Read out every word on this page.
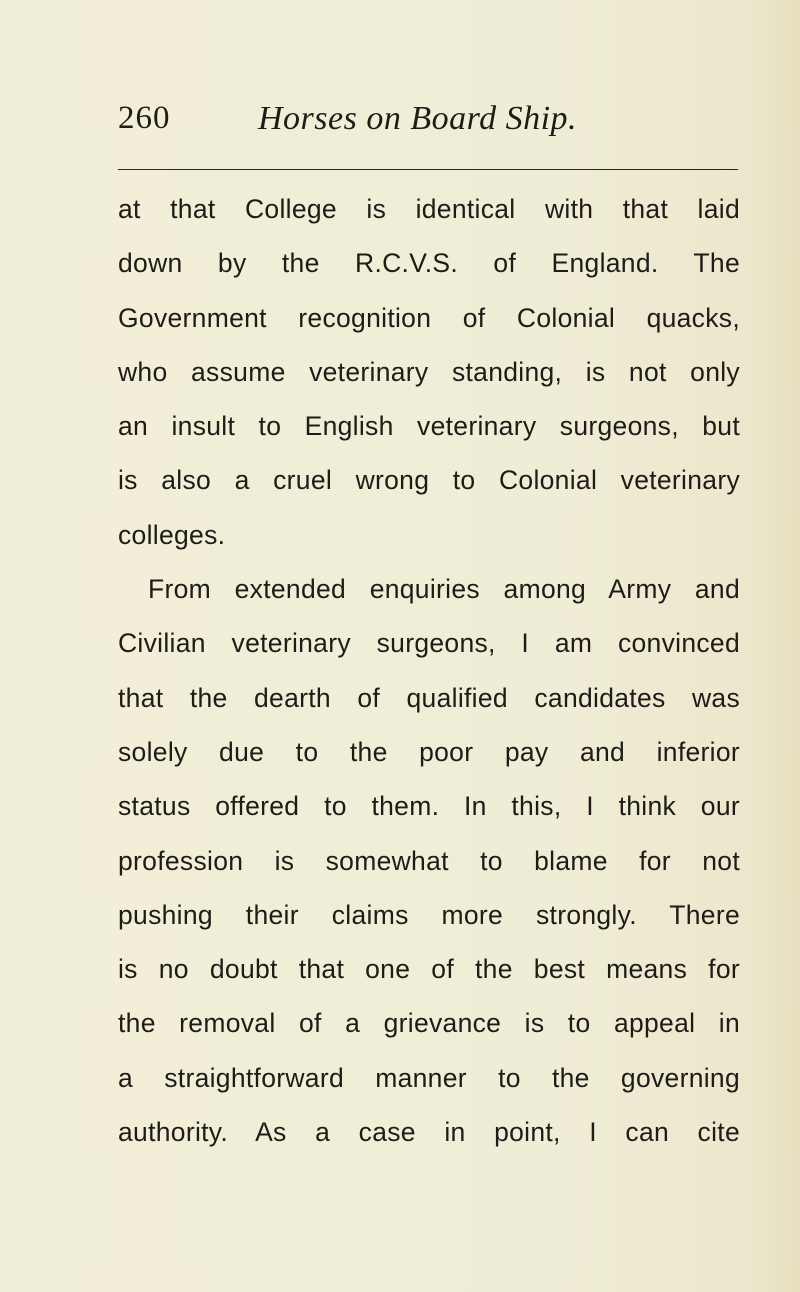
260	Horses on Board Ship.
at that College is identical with that laid
down by the R.C.V.S. of England. The
Government recognition of Colonial quacks,
who assume veterinary standing, is not only
an insult to English veterinary surgeons, but
is also a cruel wrong to Colonial veterinary
colleges.
From extended enquiries among Army and
Civilian veterinary surgeons, I am convinced
that the dearth of qualified candidates was
solely due to the poor pay and inferior
status offered to them. In this, I think our
profession is somewhat to blame for not
pushing their claims more strongly. There
is no doubt that one of the best means for
the removal of a grievance is to appeal in
a straightforward manner to the governing
authority. As a case in point, I can cite
